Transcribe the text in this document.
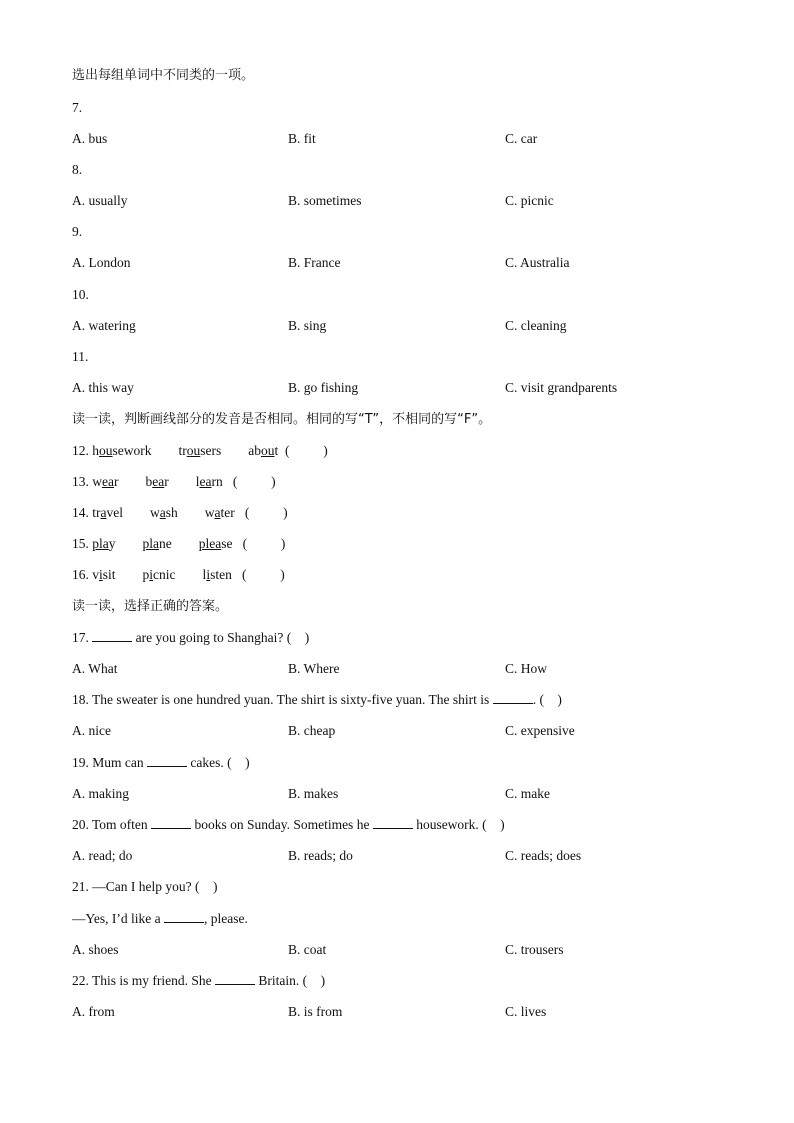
选出每组单词中不同类的一项。
7.
A. bus	B. fit	C. car
8.
A. usually	B. sometimes	C. picnic
9.
A. London	B. France	C. Australia
10.
A. watering	B. sing	C. cleaning
11.
A. this way	B. go fishing	C. visit grandparents
读一读，判断画线部分的发音是否相同。相同的写“T”，不相同的写“F”。
12. housework trousers about (          )
13. wear bear learn (          )
14. travel wash water (          )
15. play plane please (          )
16. visit picnic listen (          )
读一读，选择正确的答案。
17.	are you going to Shanghai? (    )
A. What	B. Where	C. How
18. The sweater is one hundred yuan. The shirt is sixty-five yuan. The shirt is	. (    )
A. nice	B. cheap	C. expensive
19. Mum can	cakes. (    )
A. making	B. makes	C. make
20. Tom often	books on Sunday. Sometimes he	housework. (    )
A. read; do	B. reads; do	C. reads; does
21. —Can I help you? (    )
—Yes, I’d like a	, please.
A. shoes	B. coat	C. trousers
22. This is my friend. She	Britain. (    )
A. from	B. is from	C. lives
